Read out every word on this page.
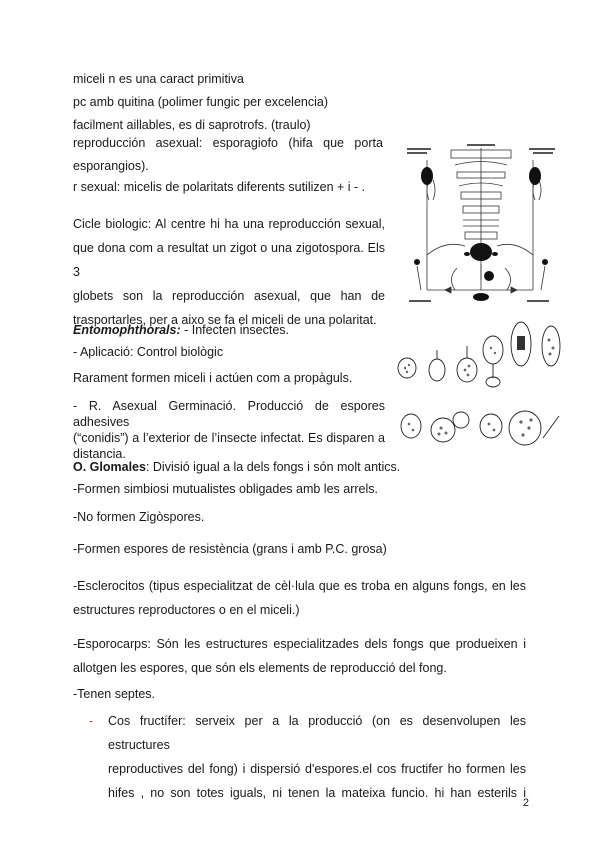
miceli n es una caract primitiva
pc amb quitina (polimer fungic per excelencia)
facilment aillables, es di saprotrofs. (traulo)
reproducción   asexual:   esporagiofo   (hifa   que   porta
esporangios).
r sexual: micelis de polaritats diferents sutilizen + i - .
Cicle biologic: Al centre hi ha una reproducción sexual,
que dona com a resultat un zigot o una zigotospora. Els 3
globets son la reproducción asexual, que han de
trasportarles, per a aixo se fa el miceli de una polaritat.
Entomophthorals: - Infecten insectes.
- Aplicació: Control biològic
Rarament formen miceli i actúen com a propàguls.
- R. Asexual Germinació. Producció de espores adhesives
(“conidis”) a l’exterior de l’insecte infectat. Es disparen a
distancia.
O. Glomales: Divisió igual a la dels fongs i són molt antics.
-Formen simbiosi mutualistes obligades amb les arrels.
-No formen Zigòspores.
-Formen espores de resistència (grans i amb P.C. grosa)
-Esclerocitos (tipus especialitzat de cèl·lula que es troba en alguns fongs, en les
estructures reproductores o en el miceli.)
-Esporocarps: Són les estructures especialitzades dels fongs que produeixen i
allotgen les espores, que són els elements de reproducció del fong.
-Tenen septes.
- Cos fructífer: serveix per a la producció (on es desenvolupen les estructures
reproductives del fong) i dispersió d'espores.el cos fructifer ho formen les
hifes , no son totes iguals, ni tenen la mateixa funcio. hi han esterils i
2
